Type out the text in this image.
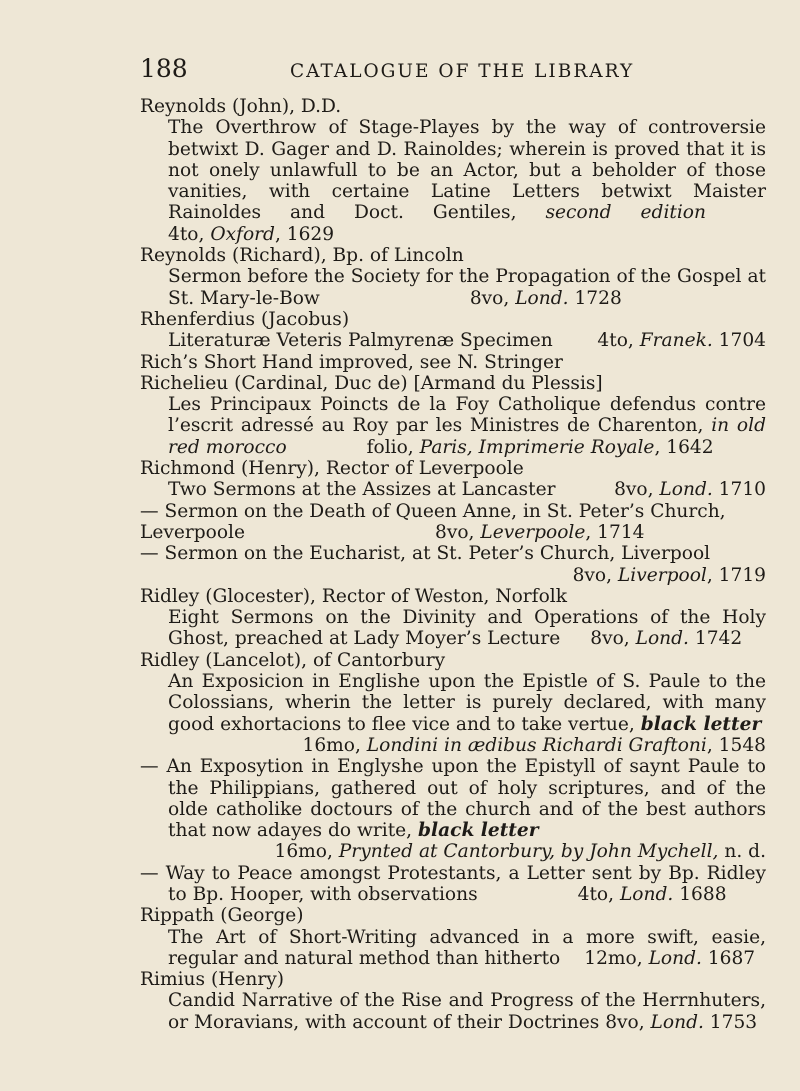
188	CATALOGUE OF THE LIBRARY

Reynolds (John), D.D.

The Overthrow of Stage-Playes by the way of controversie betwixt D. Gager and D. Rainoldes; wherein is proved that it is not onely unlawfull to be an Actor, but a beholder of those vanities, with certaine Latine Letters betwixt Maister Rainoldes and Doct. Gentiles, second edition4to, Oxford, 1629

Reynolds (Richard), Bp. of Lincoln

Sermon before the Society for the Propagation of the Gospel at St. Mary-le-Bow	8vo, Lond. 1728

Rhenferdius (Jacobus)

Literaturæ Veteris Palmyrenæ Specimen 4to, Franek. 1704

Rich’s Short Hand improved, see N. Stringer

Richelieu (Cardinal, Duc de) [Armand du Plessis]

Les Principaux Poincts de la Foy Catholique defendus contre l’escrit adressé au Roy par les Ministres de Charenton, in old red morocco	folio, Paris, Imprimerie Royale, 1642

Richmond (Henry), Rector of Leverpoole

Two Sermons at the Assizes at Lancaster	8vo, Lond. 1710

— Sermon on the Death of Queen Anne, in St. Peter’s Church, Leverpoole	8vo, Leverpoole, 1714

— Sermon on the Eucharist, at St. Peter’s Church, Liverpool

8vo, Liverpool, 1719

Ridley (Glocester), Rector of Weston, Norfolk

Eight Sermons on the Divinity and Operations of the Holy Ghost, preached at Lady Moyer’s Lecture 8vo, Lond. 1742

Ridley (Lancelot), of Cantorbury

An Exposicion in Englishe upon the Epistle of S. Paule to the Colossians, wherin the letter is purely declared, with many good exhortacions to flee vice and to take vertue, black letter

16mo, Londini in ædibus Richardi Graftoni, 1548

— An Exposytion in Englyshe upon the Epistyll of saynt Paule to the Philippians, gathered out of holy scriptures, and of the olde catholike doctours of the church and of the best authors that now adayes do write, black letter

16mo, Prynted at Cantorbury, by John Mychell, n. d.

— Way to Peace amongst Protestants, a Letter sent by Bp. Ridley to Bp. Hooper, with observations	4to, Lond. 1688

Rippath (George)

The Art of Short-Writing advanced in a more swift, easie, regular and natural method than hitherto 12mo, Lond. 1687

Rimius (Henry)

Candid Narrative of the Rise and Progress of the Herrnhuters, or Moravians, with account of their Doctrines 8vo, Lond. 1753
